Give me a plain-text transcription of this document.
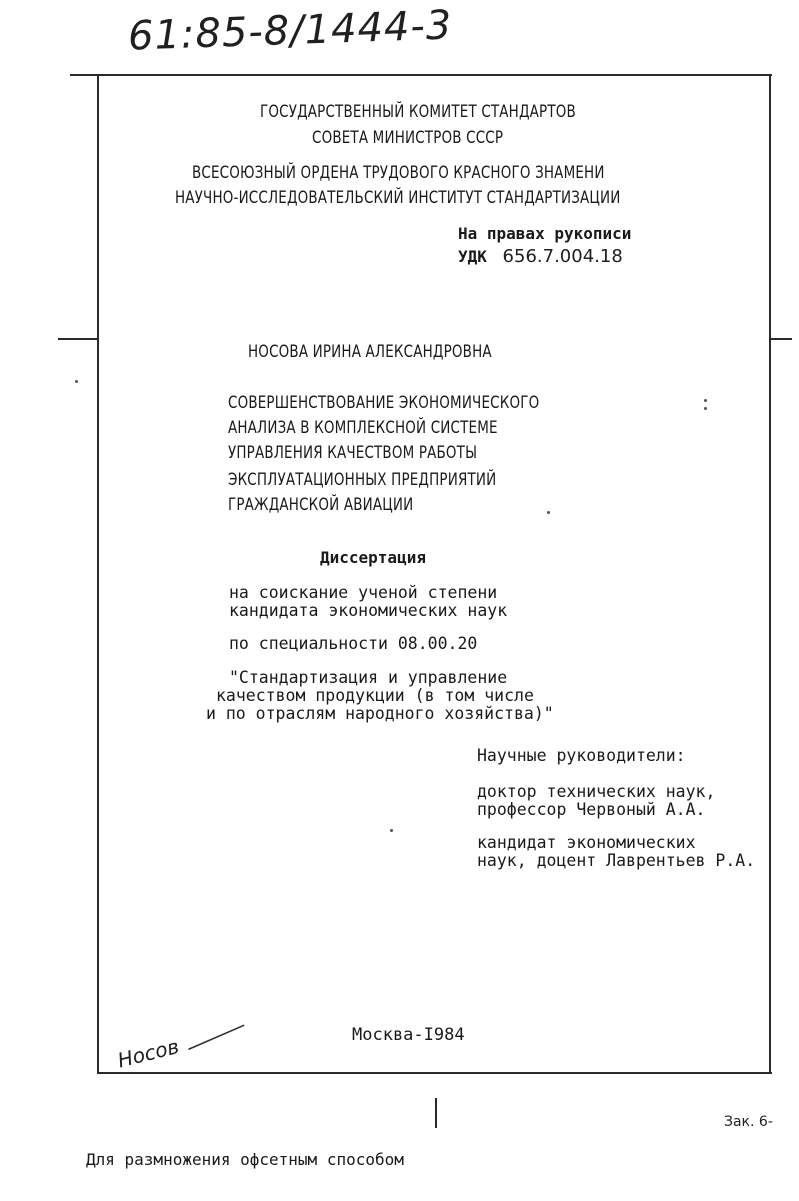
61:85-8/1444-3
ГОСУДАРСТВЕННЫЙ КОМИТЕТ СТАНДАРТОВ
СОВЕТА МИНИСТРОВ СССР
ВСЕСОЮЗНЫЙ ОРДЕНА ТРУДОВОГО КРАСНОГО ЗНАМЕНИ
НАУЧНО-ИССЛЕДОВАТЕЛЬСКИЙ ИНСТИТУТ СТАНДАРТИЗАЦИИ
На правах рукописи
УДК 656.7.004.18
НОСОВА ИРИНА АЛЕКСАНДРОВНА
СОВЕРШЕНСТВОВАНИЕ ЭКОНОМИЧЕСКОГО
АНАЛИЗА В КОМПЛЕКСНОЙ СИСТЕМЕ
УПРАВЛЕНИЯ КАЧЕСТВОМ РАБОТЫ
ЭКСПЛУАТАЦИОННЫХ ПРЕДПРИЯТИЙ
ГРАЖДАНСКОЙ АВИАЦИИ
Диссертация
на соискание ученой степени
кандидата экономических наук
по специальности 08.00.20
"Стандартизация и управление
качеством продукции (в том числе
и по отраслям народного хозяйства)"
Научные руководители:
доктор технических наук,
профессор Червоный А.А.
кандидат экономических
наук, доцент Лаврентьев Р.А.
Москва-I984
Носов
Зак. 6-
Для размножения офсетным способом
